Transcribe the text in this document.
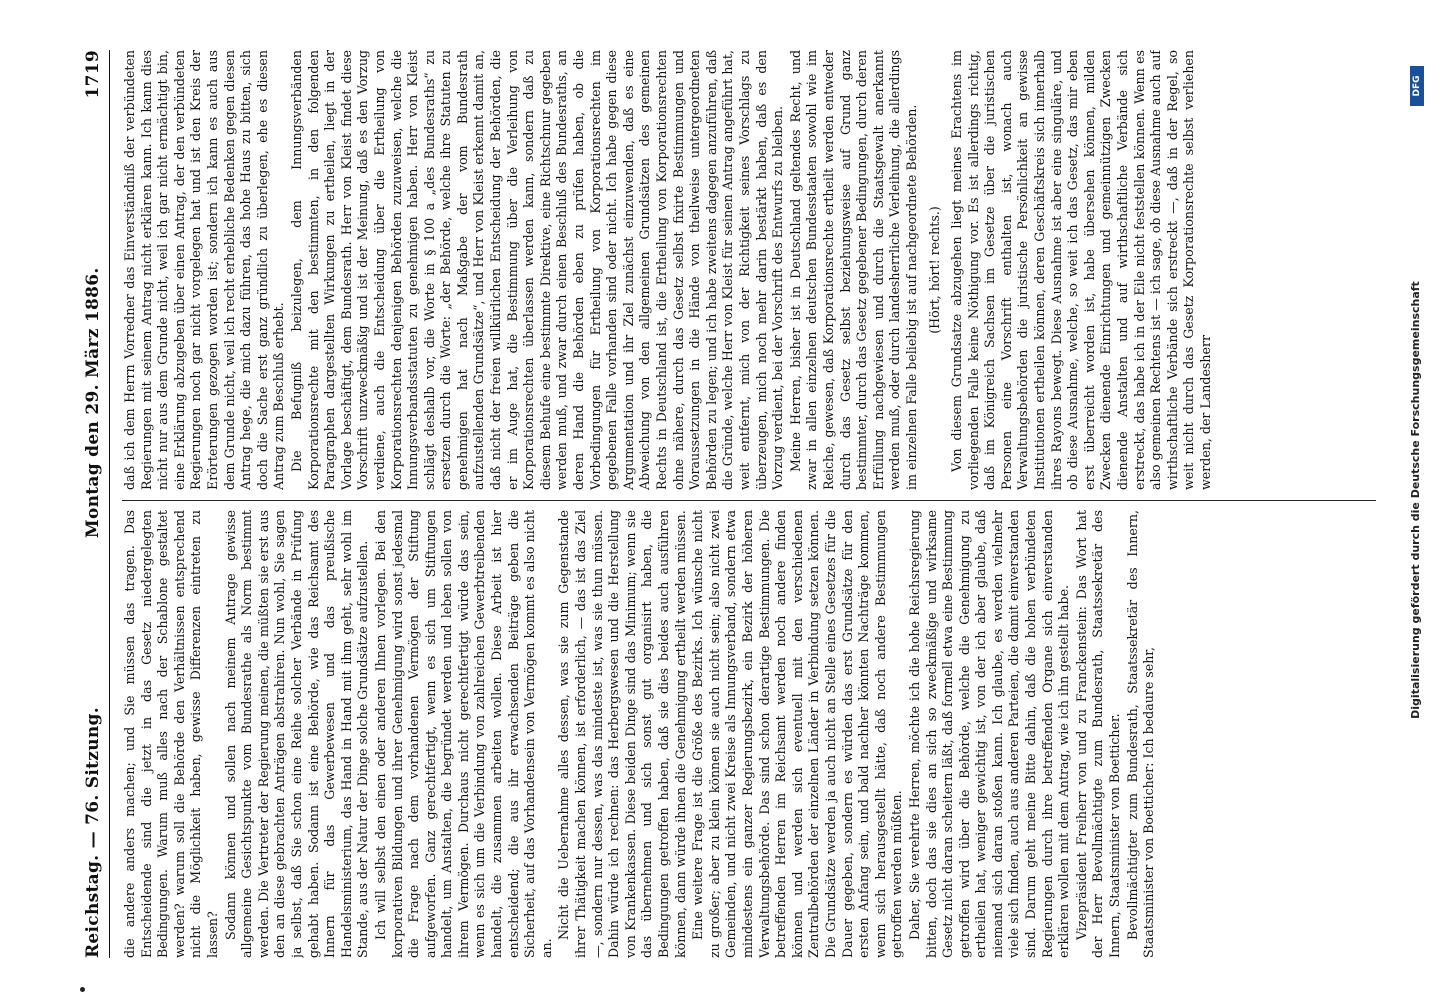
Reichstag. — 76. Sitzung.
Montag den 29. März 1886.
1719

die andere anders machen; und Sie müssen das tragen. Das Entscheidende sind die jetzt in das Gesetz niedergelegten Bedingungen. Warum muß alles nach der Schablone gestaltet werden? warum soll die Behörde den Verhältnissen entsprechend nicht die Möglichkeit haben, gewisse Differenzen eintreten zu lassen? Sodann können und sollen nach meinem Antrage gewisse allgemeine Gesichtspunkte vom Bundesrathe als Norm bestimmt werden. Die Vertreter der Regierung meinen, die müßten sie erst aus den an diese gebrachten Anträgen abstrahiren. Nun wohl, Sie sagen ja selbst, daß Sie schon eine Reihe solcher Verbände in Prüfung gehabt haben. Sodann ist eine Behörde, wie das Reichsamt des Innern für das Gewerbewesen und das preußische Handelsministerium, das Hand in Hand mit ihm geht, sehr wohl im Stande, aus der Natur der Dinge solche Grundsätze aufzustellen. Ich will selbst den einen oder anderen Ihnen vorlegen. Bei den korporativen Bildungen und ihrer Genehmigung wird sonst jedesmal die Frage nach dem vorhandenen Vermögen der Stiftung aufgeworfen. Ganz gerechtfertigt, wenn es sich um Stiftungen handelt, um Anstalten, die begründet werden und leben sollen von ihrem Vermögen. Durchaus nicht gerechtfertigt würde das sein, wenn es sich um die Verbindung von zahlreichen Gewerbtreibenden handelt, die zusammen arbeiten wollen. Diese Arbeit ist hier entscheidend; die aus ihr erwachsenden Beiträge geben die Sicherheit, auf das Vorhandensein von Vermögen kommt es also nicht an.

Nicht die Uebernahme alles dessen, was sie zum Gegenstande ihrer Thätigkeit machen können, ist erforderlich, — das ist das Ziel —, sondern nur dessen, was das mindeste ist, was sie thun müssen. Dahin würde ich rechnen: das Herbergswesen und die Herstellung von Krankenkassen. Diese beiden Dinge sind das Minimum; wenn sie das übernehmen und sich sonst gut organisirt haben, die Bedingungen getroffen haben, daß sie dies beides auch ausführen können, dann würde ihnen die Genehmigung ertheilt werden müssen. Eine weitere Frage ist die Größe des Bezirks. Ich wünsche nicht zu großer; aber zu klein können sie auch nicht sein; also nicht zwei Gemeinden, und nicht zwei Kreise als Innungsverband, sondern etwa mindestens ein ganzer Regierungsbezirk, ein Bezirk der höheren Verwaltungsbehörde. Das sind schon derartige Bestimmungen. Die betreffenden Herren im Reichsamt werden noch andere finden können und werden sich eventuell mit den verschiedenen Zentralbehörden der einzelnen Länder in Verbindung setzen können. Die Grundsätze werden ja auch nicht an Stelle eines Gesetzes für die Dauer gegeben, sondern es würden das erst Grundsätze für den ersten Anfang sein, und bald nachher könnten Nachträge kommen, wenn sich herausgestellt hätte, daß noch andere Bestimmungen getroffen werden müßten. Daher, Sie verehrte Herren, möchte ich die hohe Reichsregierung bitten, doch das sie dies an sich so zweckmäßige und wirksame Gesetz nicht daran scheitern läßt, daß formell etwa eine Bestimmung getroffen wird über die Behörde, welche die Genehmigung zu ertheilen hat, weniger gewichtig ist, von der ich aber glaube, daß niemand sich daran stoßen kann. Ich glaube, es werden vielmehr viele sich finden, auch aus anderen Parteien, die damit einverstanden sind. Darum geht meine Bitte dahin, daß die hohen verbündeten Regierungen durch ihre betreffenden Organe sich einverstanden erklären wollen mit dem Antrag, wie ich ihn gestellt habe. Vizepräsident Freiherr von und zu Franckenstein: Das Wort hat der Herr Bevollmächtigte zum Bundesrath, Staatssekretär des Innern, Staatsminister von Boetticher. Bevollmächtigter zum Bundesrath, Staatssekretär des Innern, Staatsminister von Boetticher: Ich bedaure sehr,

daß ich dem Herrn Vorredner das Einverständniß der verbündeten Regierungen mit seinem Antrag nicht erklären kann. Ich kann dies nicht nur aus dem Grunde nicht, weil ich gar nicht ermächtigt bin, eine Erklärung abzugeben über einen Antrag, der den verbündeten Regierungen noch gar nicht vorgelegen hat und ist den Kreis der Erörterungen gezogen worden ist; sondern ich kann es auch aus dem Grunde nicht, weil ich recht erhebliche Bedenken gegen diesen Antrag hege, die mich dazu führen, das hohe Haus zu bitten, sich doch die Sache erst ganz gründlich zu überlegen, ehe es diesen Antrag zum Beschluß erhebt. Die Befugniß beizulegen, dem Innungsverbänden Korporationsrechte mit den bestimmten, in den folgenden Paragraphen dargestellten Wirkungen zu ertheilen, liegt in der Vorlage beschäftigt, dem Bundesrath. Herr von Kleist findet diese Vorschrift unzweckmäßig und ist der Meinung, daß es den Vorzug verdiene, auch die Entscheidung über die Ertheilung von Korporationsrechten denjenigen Behörden zuzuweisen, welche die Innungsverbandsstatuten zu genehmigen haben. Herr von Kleist schlägt deshalb vor, die Worte in § 100 a „des Bundesraths“ zu ersetzen durch die Worte: „der Behörde, welche ihre Statuten zu genehmigen hat nach Maßgabe der vom Bundesrath aufzustellenden Grundsätze“, und Herr von Kleist erkennt damit an, daß nicht der freien willkürlichen Entscheidung der Behörden, die er im Auge hat, die Bestimmung über die Verleihung von Korporationsrechten überlassen werden kann, sondern daß zu diesem Behufe eine bestimmte Direktive, eine Richtschnur gegeben werden muß, und zwar durch einen Beschluß des Bundesraths, an deren Hand die Behörden eben zu prüfen haben, ob die Vorbedingungen für Ertheilung von Korporationsrechten im gegebenen Falle vorhanden sind oder nicht. Ich habe gegen diese Argumentation und ihr Ziel zunächst einzuwenden, daß es eine Abweichung von den allgemeinen Grundsätzen des gemeinen Rechts in Deutschland ist, die Ertheilung von Korporationsrechten ohne nähere, durch das Gesetz selbst fixirte Bestimmungen und Voraussetzungen in die Hände von theilweise untergeordneten Behörden zu legen; und ich habe zweitens dagegen anzuführen, daß die Gründe, welche Herr von Kleist für seinen Antrag angeführt hat, weit entfernt, mich von der Richtigkeit seines Vorschlags zu überzeugen, mich noch mehr darin bestärkt haben, daß es den Vorzug verdient, bei der Vorschrift des Entwurfs zu bleiben. Meine Herren, bisher ist in Deutschland geltendes Recht, und zwar in allen einzelnen deutschen Bundesstaaten sowohl wie im Reiche, gewesen, daß Korporationsrechte ertheilt werden entweder durch das Gesetz selbst beziehungsweise auf Grund ganz bestimmter, durch das Gesetz gegebener Bedingungen, durch deren Erfüllung nachgewiesen und durch die Staatsgewalt anerkannt werden muß, oder durch landesherrliche Verleihung, die allerdings im einzelnen Falle beliebig ist auf nachgeordnete Behörden. (Hört, hört! rechts.) Von diesem Grundsatze abzugehen liegt meines Erachtens im vorliegenden Falle keine Nöthigung vor. Es ist allerdings richtig, daß im Königreich Sachsen im Gesetze über die juristischen Personen eine Vorschrift enthalten ist, wonach auch Verwaltungsbehörden die juristische Persönlichkeit an gewisse Institutionen ertheilen können, deren Geschäftskreis sich innerhalb ihres Rayons bewegt. Diese Ausnahme ist aber eine singuläre, und ob diese Ausnahme, welche, so weit ich das Gesetz, das mir eben erst überreicht worden ist, habe übersehen können, milden Zwecken dienende Einrichtungen und gemeinnützigen Zwecken dienende Anstalten und auf wirthschaftliche Verbände sich erstreckt, das habe ich in der Eile nicht feststellen können. Wenn es also gemeinen Rechtens ist — ich sage, ob diese Ausnahme auch auf wirthschaftliche Verbände sich erstreckt —, daß in der Regel, so weit nicht durch das Gesetz Korporationsrechte selbst verliehen werden, der Landesherr

DFG
Digitalisierung gefördert durch die Deutsche Forschungsgemeinschaft
